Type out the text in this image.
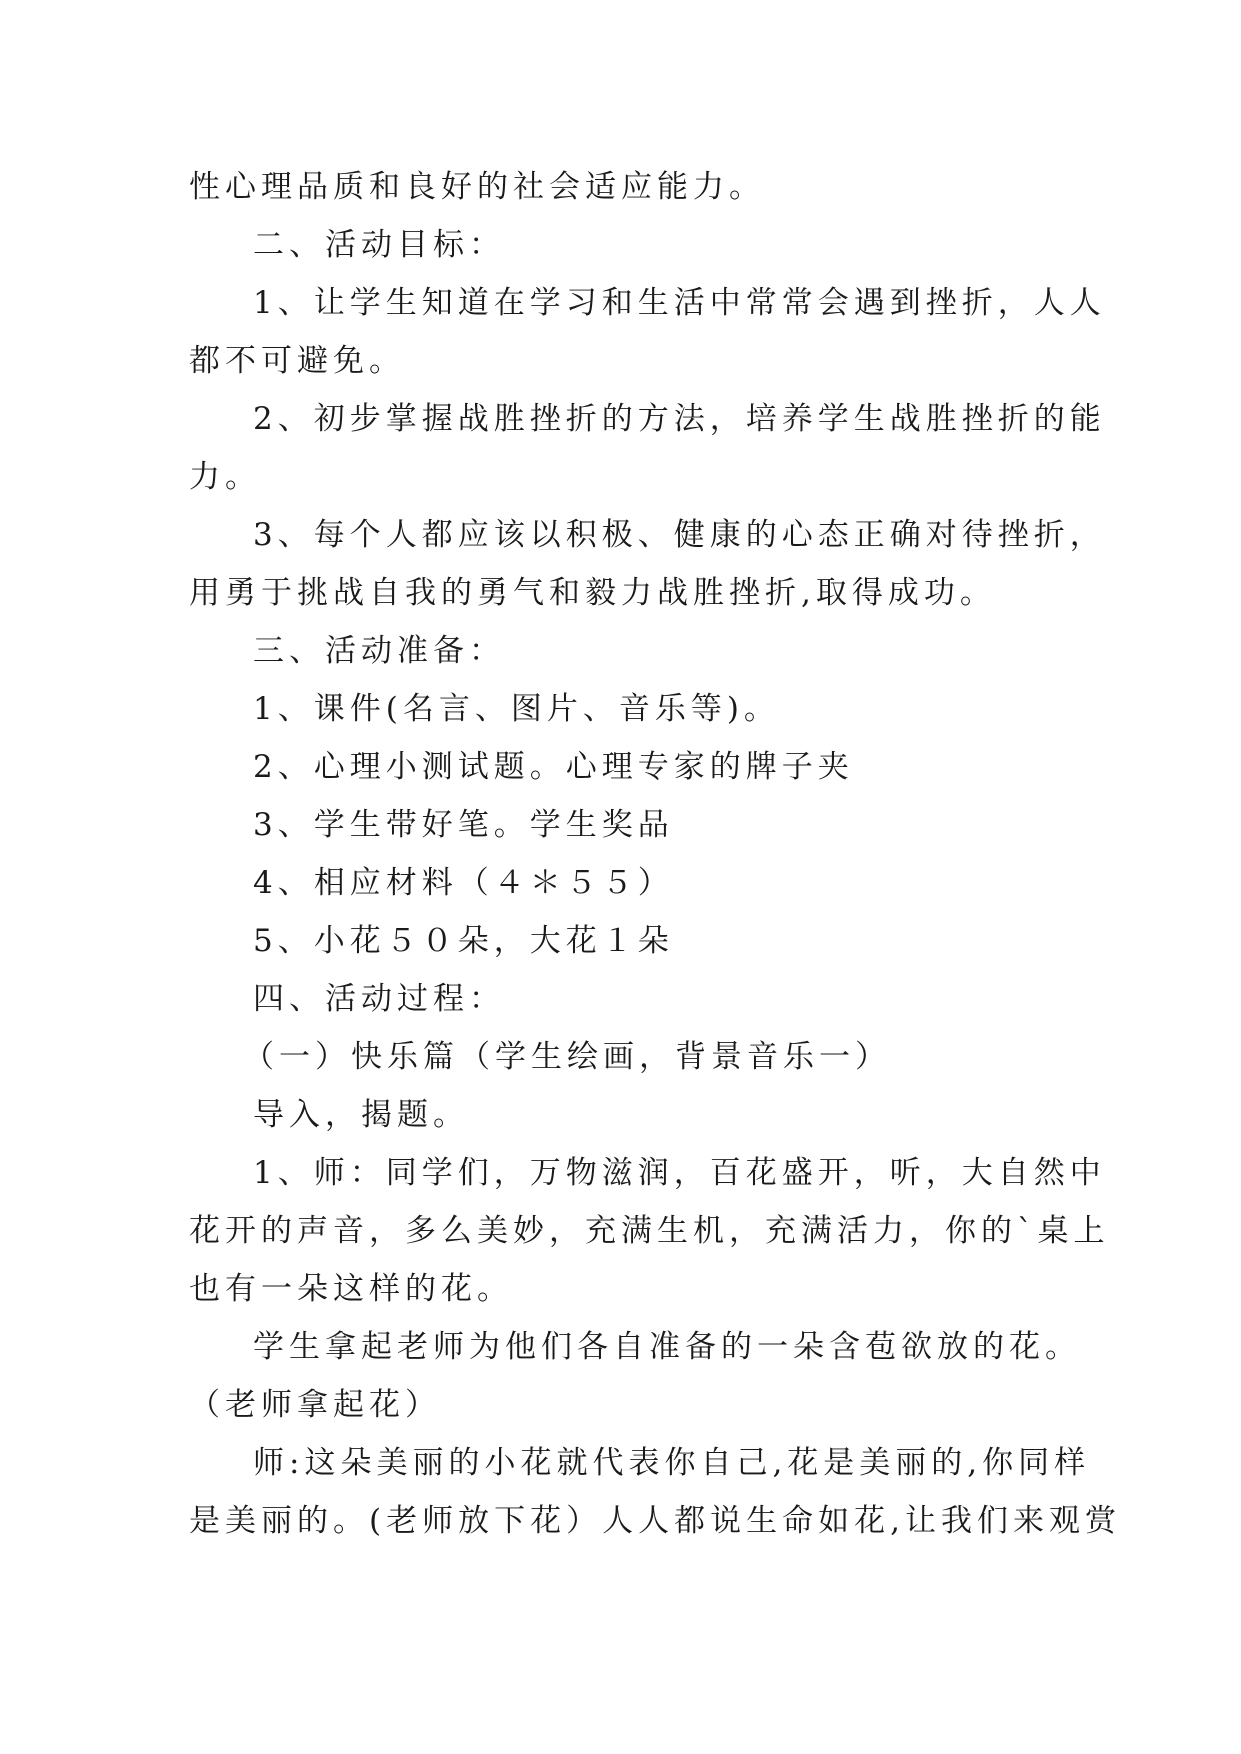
性心理品质和良好的社会适应能力。
二、活动目标：
1、让学生知道在学习和生活中常常会遇到挫折，人人
都不可避免。
2、初步掌握战胜挫折的方法，培养学生战胜挫折的能
力。
3、每个人都应该以积极、健康的心态正确对待挫折，
用勇于挑战自我的勇气和毅力战胜挫折,取得成功。
三、活动准备：
1、课件(名言、图片、音乐等)。
2、心理小测试题。心理专家的牌子夹
3、学生带好笔。学生奖品
4、相应材料（４＊５５）
5、小花５０朵，大花１朵
四、活动过程：
（一）快乐篇（学生绘画，背景音乐一）
导入，揭题。
1、师：同学们，万物滋润，百花盛开，听，大自然中
花开的声音，多么美妙，充满生机，充满活力，你的`桌上
也有一朵这样的花。
学生拿起老师为他们各自准备的一朵含苞欲放的花。
（老师拿起花）
师:这朵美丽的小花就代表你自己,花是美丽的,你同样
是美丽的。(老师放下花）人人都说生命如花,让我们来观赏
